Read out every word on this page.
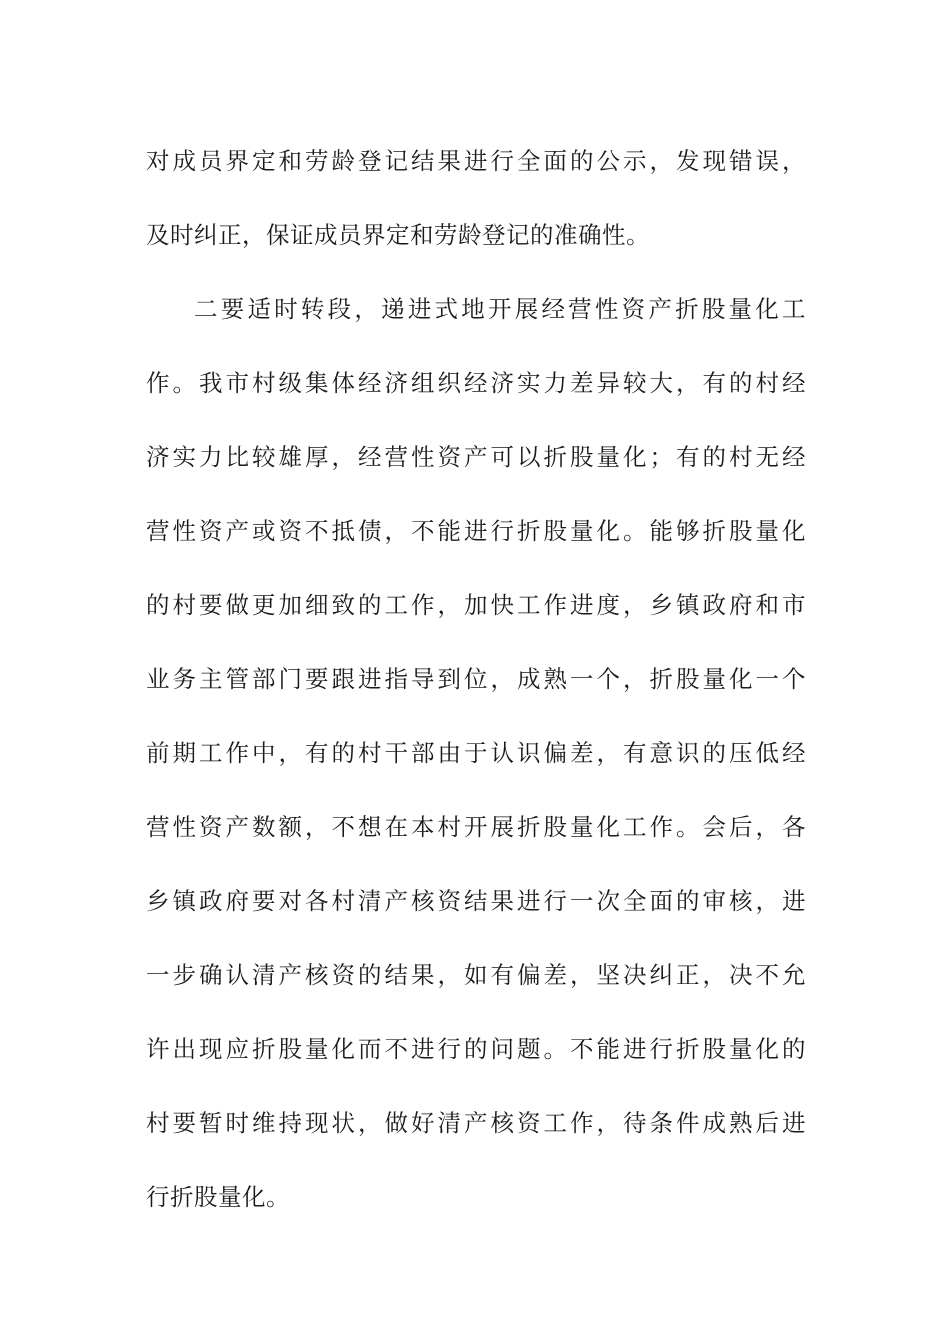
对成员界定和劳龄登记结果进行全面的公示，发现错误，
及时纠正，保证成员界定和劳龄登记的准确性。
二要适时转段，递进式地开展经营性资产折股量化工
作。我市村级集体经济组织经济实力差异较大，有的村经
济实力比较雄厚，经营性资产可以折股量化；有的村无经
营性资产或资不抵债，不能进行折股量化。能够折股量化
的村要做更加细致的工作，加快工作进度，乡镇政府和市
业务主管部门要跟进指导到位，成熟一个，折股量化一个
前期工作中，有的村干部由于认识偏差，有意识的压低经
营性资产数额，不想在本村开展折股量化工作。会后，各
乡镇政府要对各村清产核资结果进行一次全面的审核，进
一步确认清产核资的结果，如有偏差，坚决纠正，决不允
许出现应折股量化而不进行的问题。不能进行折股量化的
村要暂时维持现状，做好清产核资工作，待条件成熟后进
行折股量化。
